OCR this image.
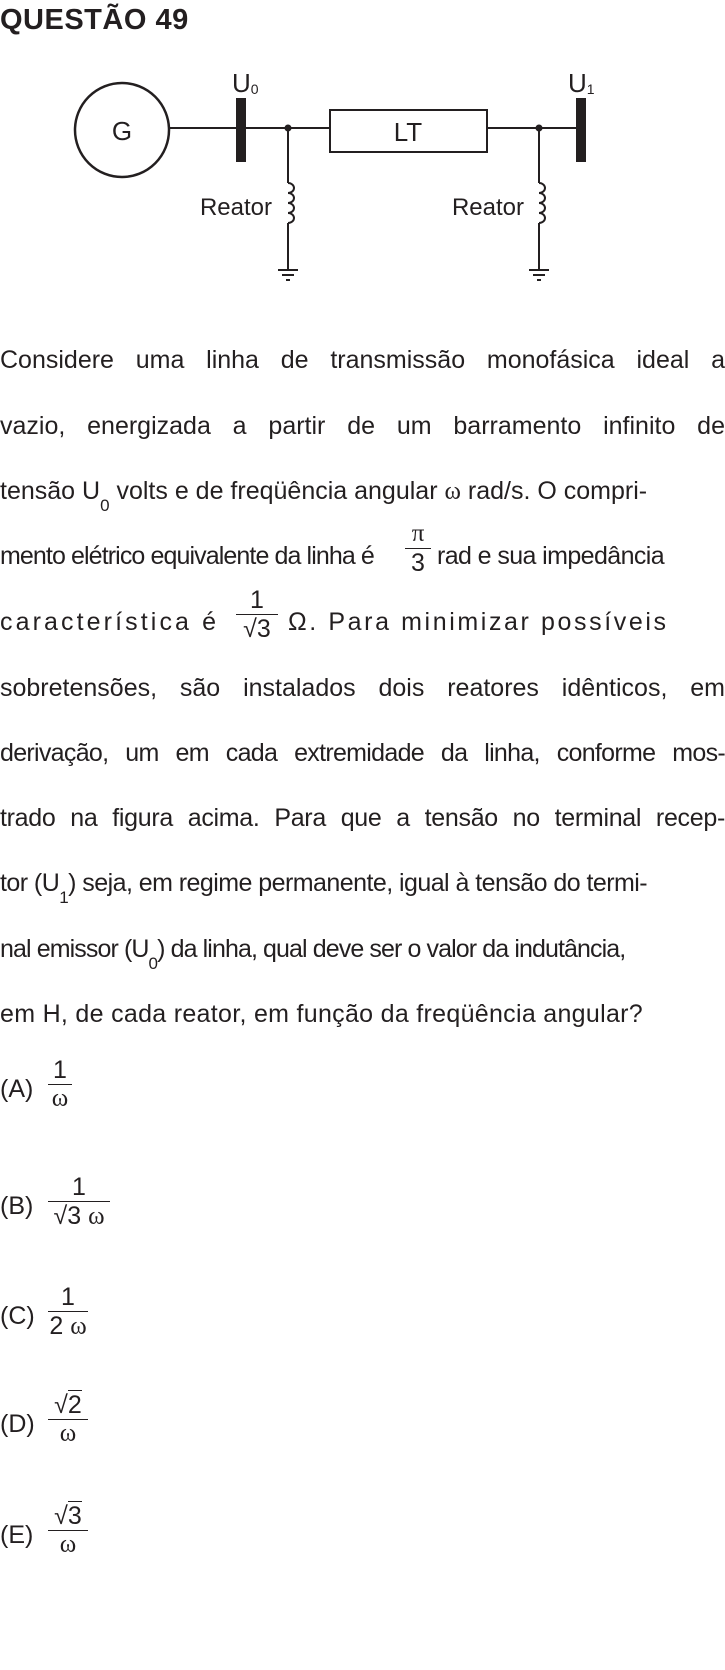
QUESTÃO 49
G
U0
LT
U1
Reator	Reator
Considere uma linha de transmissão monofásica ideal a
vazio, energizada a partir de um barramento infinito de
tensão $U_0$ volts e de freqüência angular ω rad/s. O compri-
mento elétrico equivalente da linha é
π
3 rad e sua impedância
característica é
1
√3 Ω. Para minimizar possíveis
sobretensões, são instalados dois reatores idênticos, em
derivação, um em cada extremidade da linha, conforme mos-
trado na figura acima. Para que a tensão no terminal recep-
tor $(U_1)$ seja, em regime permanente, igual à tensão do termi-
nal emissor $(U_0)$ da linha, qual deve ser o valor da indutância,
em H, de cada reator, em função da freqüência angular?
(A)
1
ω
(B)
1
√3 ω
(C)
1
2 ω
(D)
√2
ω
(E)
√3
ω
